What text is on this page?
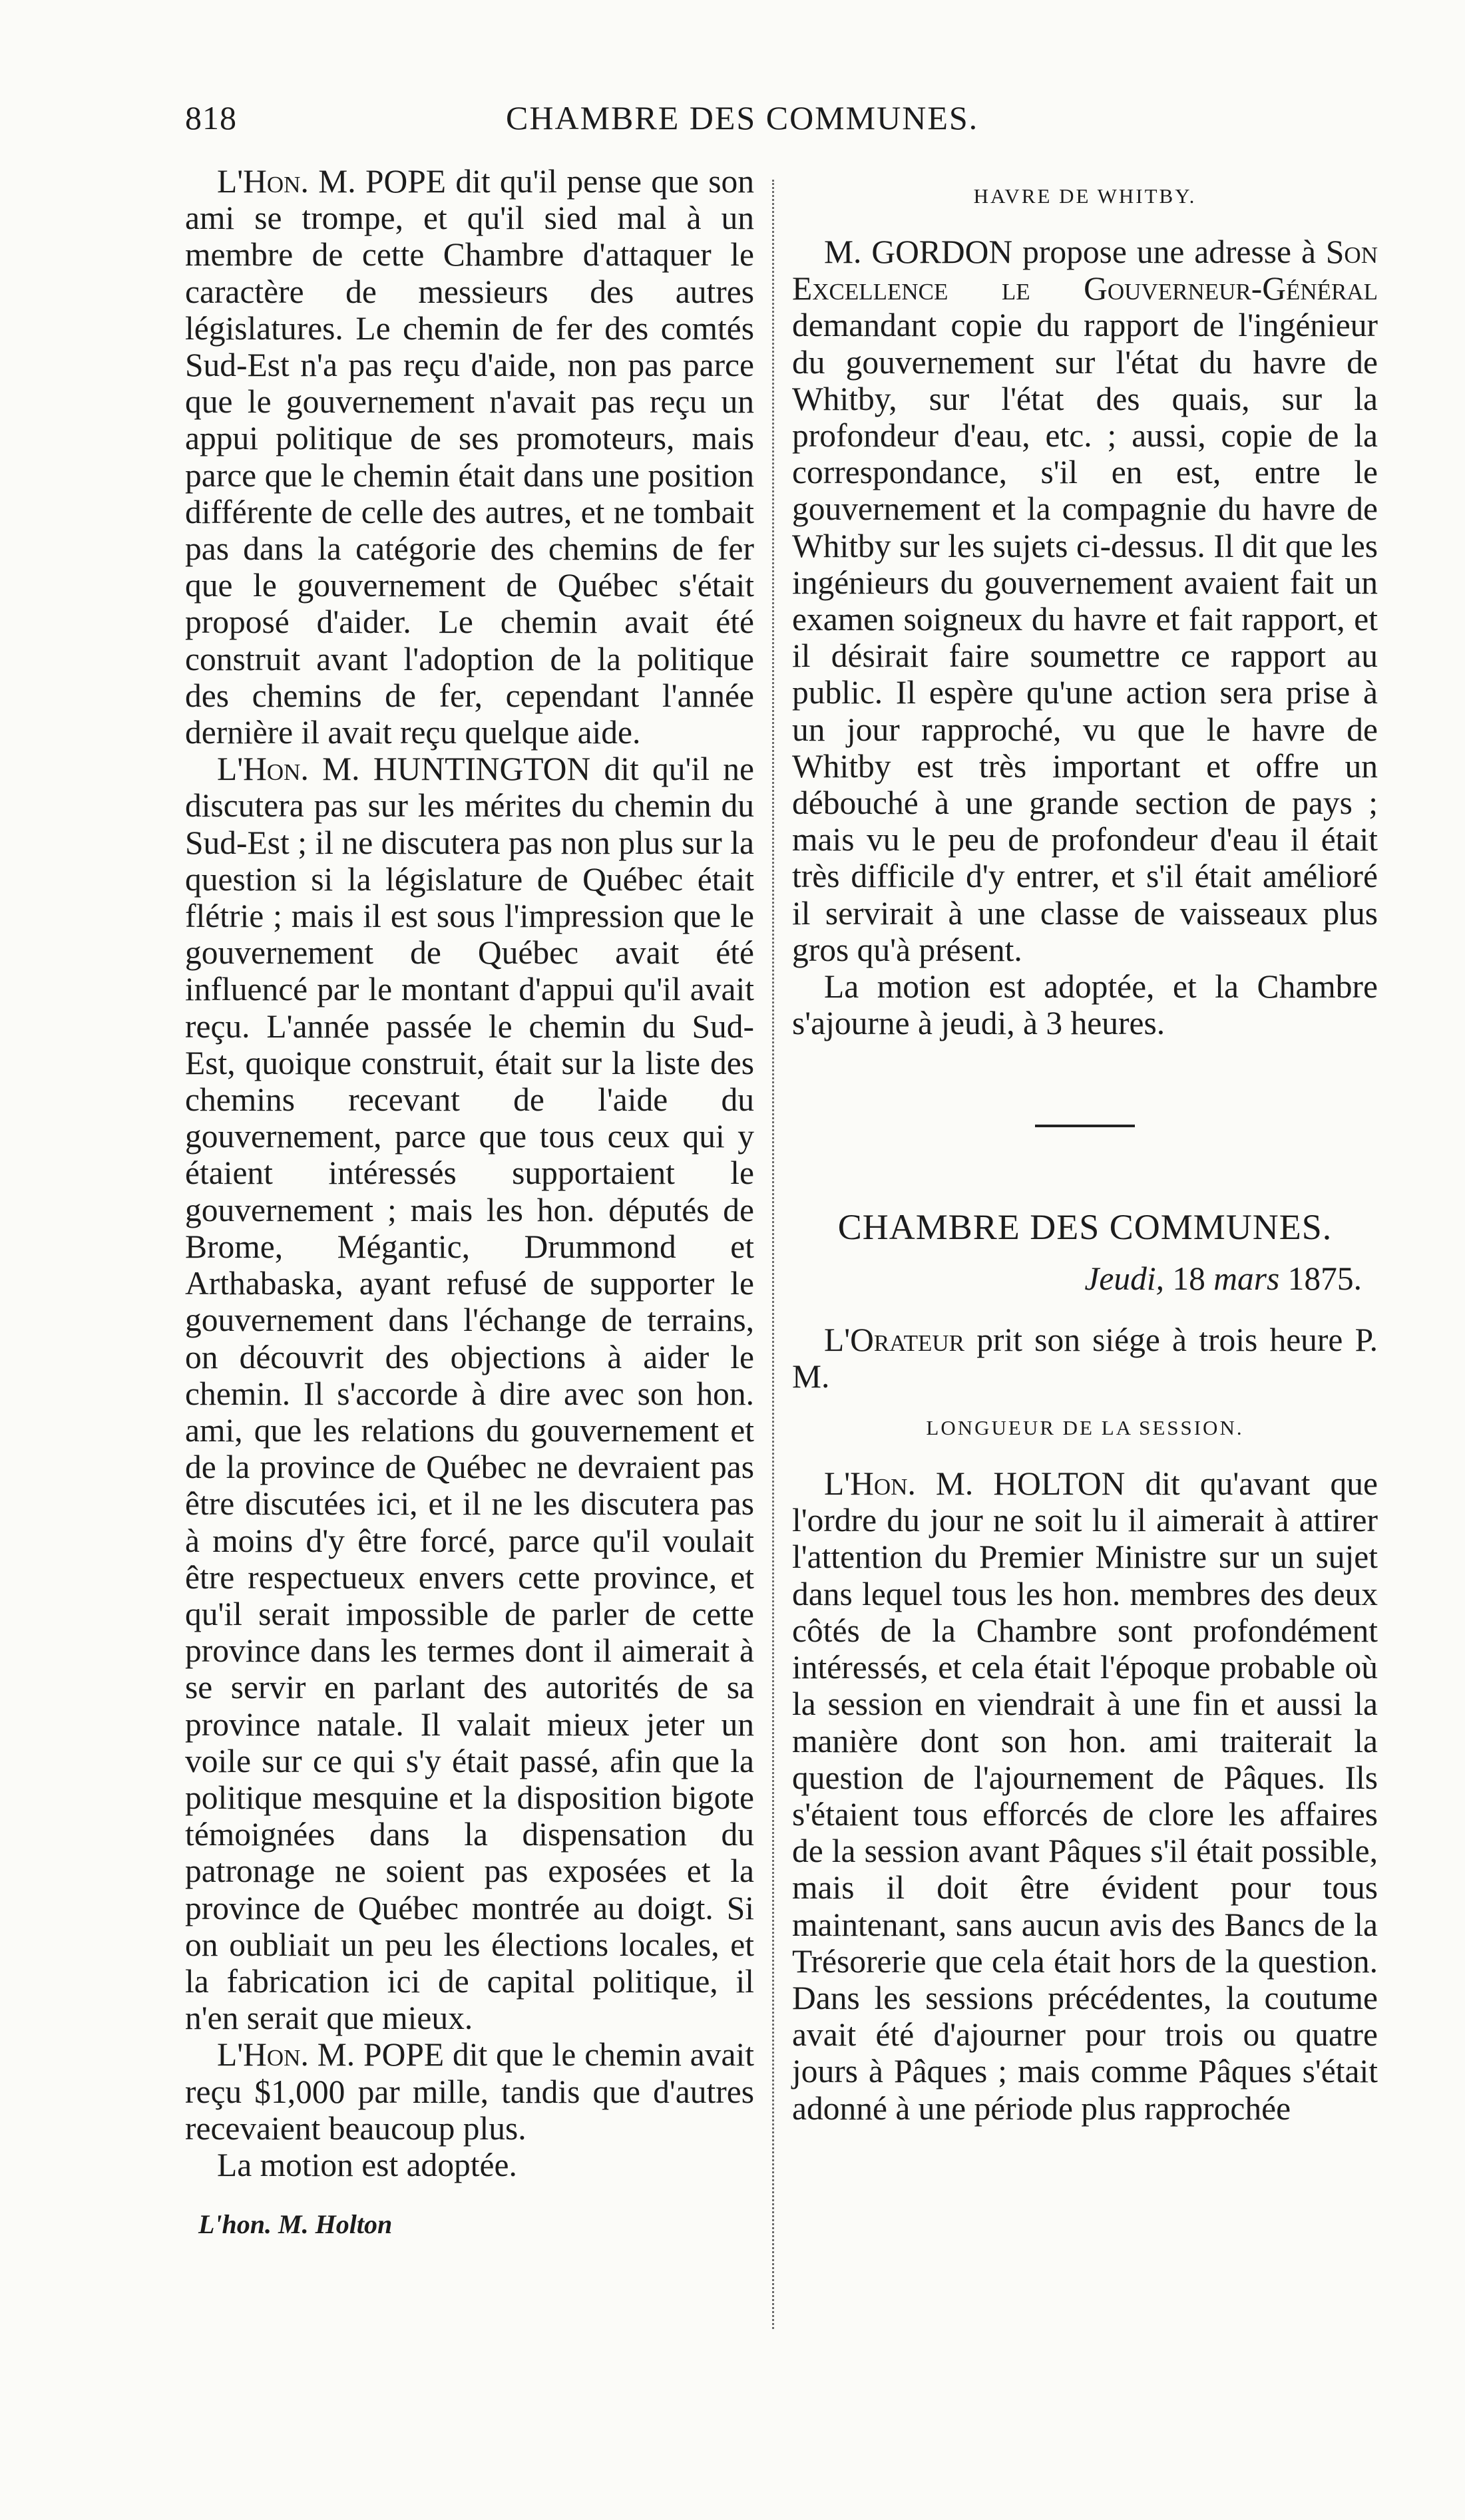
818	CHAMBRE DES COMMUNES.

L'Hon. M. POPE dit qu'il pense que son ami se trompe, et qu'il sied mal à un membre de cette Chambre d'attaquer le caractère de messieurs des autres législatures. Le chemin de fer des comtés Sud-Est n'a pas reçu d'aide, non pas parce que le gouvernement n'avait pas reçu un appui politique de ses promoteurs, mais parce que le chemin était dans une position différente de celle des autres, et ne tombait pas dans la catégorie des chemins de fer que le gouvernement de Québec s'était proposé d'aider. Le chemin avait été construit avant l'adoption de la politique des chemins de fer, cependant l'année dernière il avait reçu quelque aide.

L'Hon. M. HUNTINGTON dit qu'il ne discutera pas sur les mérites du chemin du Sud-Est ; il ne discutera pas non plus sur la question si la législature de Québec était flétrie ; mais il est sous l'impression que le gouvernement de Québec avait été influencé par le montant d'appui qu'il avait reçu. L'année passée le chemin du Sud-Est, quoique construit, était sur la liste des chemins recevant de l'aide du gouvernement, parce que tous ceux qui y étaient intéressés supportaient le gouvernement ; mais les hon. députés de Brome, Mégantic, Drummond et Arthabaska, ayant refusé de supporter le gouvernement dans l'échange de terrains, on découvrit des objections à aider le chemin. Il s'accorde à dire avec son hon. ami, que les relations du gouvernement et de la province de Québec ne devraient pas être discutées ici, et il ne les discutera pas à moins d'y être forcé, parce qu'il voulait être respectueux envers cette province, et qu'il serait impossible de parler de cette province dans les termes dont il aimerait à se servir en parlant des autorités de sa province natale. Il valait mieux jeter un voile sur ce qui s'y était passé, afin que la politique mesquine et la disposition bigote témoignées dans la dispensation du patronage ne soient pas exposées et la province de Québec montrée au doigt. Si on oubliait un peu les élections locales, et la fabrication ici de capital politique, il n'en serait que mieux.

L'Hon. M. POPE dit que le chemin avait reçu $1,000 par mille, tandis que d'autres recevaient beaucoup plus.

La motion est adoptée.

L'hon. M. Holton

HAVRE DE WHITBY.

M. GORDON propose une adresse à Son Excellence le Gouverneur-Général demandant copie du rapport de l'ingénieur du gouvernement sur l'état du havre de Whitby, sur l'état des quais, sur la profondeur d'eau, etc. ; aussi, copie de la correspondance, s'il en est, entre le gouvernement et la compagnie du havre de Whitby sur les sujets ci-dessus. Il dit que les ingénieurs du gouvernement avaient fait un examen soigneux du havre et fait rapport, et il désirait faire soumettre ce rapport au public. Il espère qu'une action sera prise à un jour rapproché, vu que le havre de Whitby est très important et offre un débouché à une grande section de pays ; mais vu le peu de profondeur d'eau il était très difficile d'y entrer, et s'il était amélioré il servirait à une classe de vaisseaux plus gros qu'à présent.

La motion est adoptée, et la Chambre s'ajourne à jeudi, à 3 heures.

CHAMBRE DES COMMUNES.

Jeudi, 18 mars 1875.

L'Orateur prit son siége à trois heure P. M.

LONGUEUR DE LA SESSION.

L'Hon. M. HOLTON dit qu'avant que l'ordre du jour ne soit lu il aimerait à attirer l'attention du Premier Ministre sur un sujet dans lequel tous les hon. membres des deux côtés de la Chambre sont profondément intéressés, et cela était l'époque probable où la session en viendrait à une fin et aussi la manière dont son hon. ami traiterait la question de l'ajournement de Pâques. Ils s'étaient tous efforcés de clore les affaires de la session avant Pâques s'il était possible, mais il doit être évident pour tous maintenant, sans aucun avis des Bancs de la Trésorerie que cela était hors de la question. Dans les sessions précédentes, la coutume avait été d'ajourner pour trois ou quatre jours à Pâques ; mais comme Pâques s'était adonné à une période plus rapprochée
